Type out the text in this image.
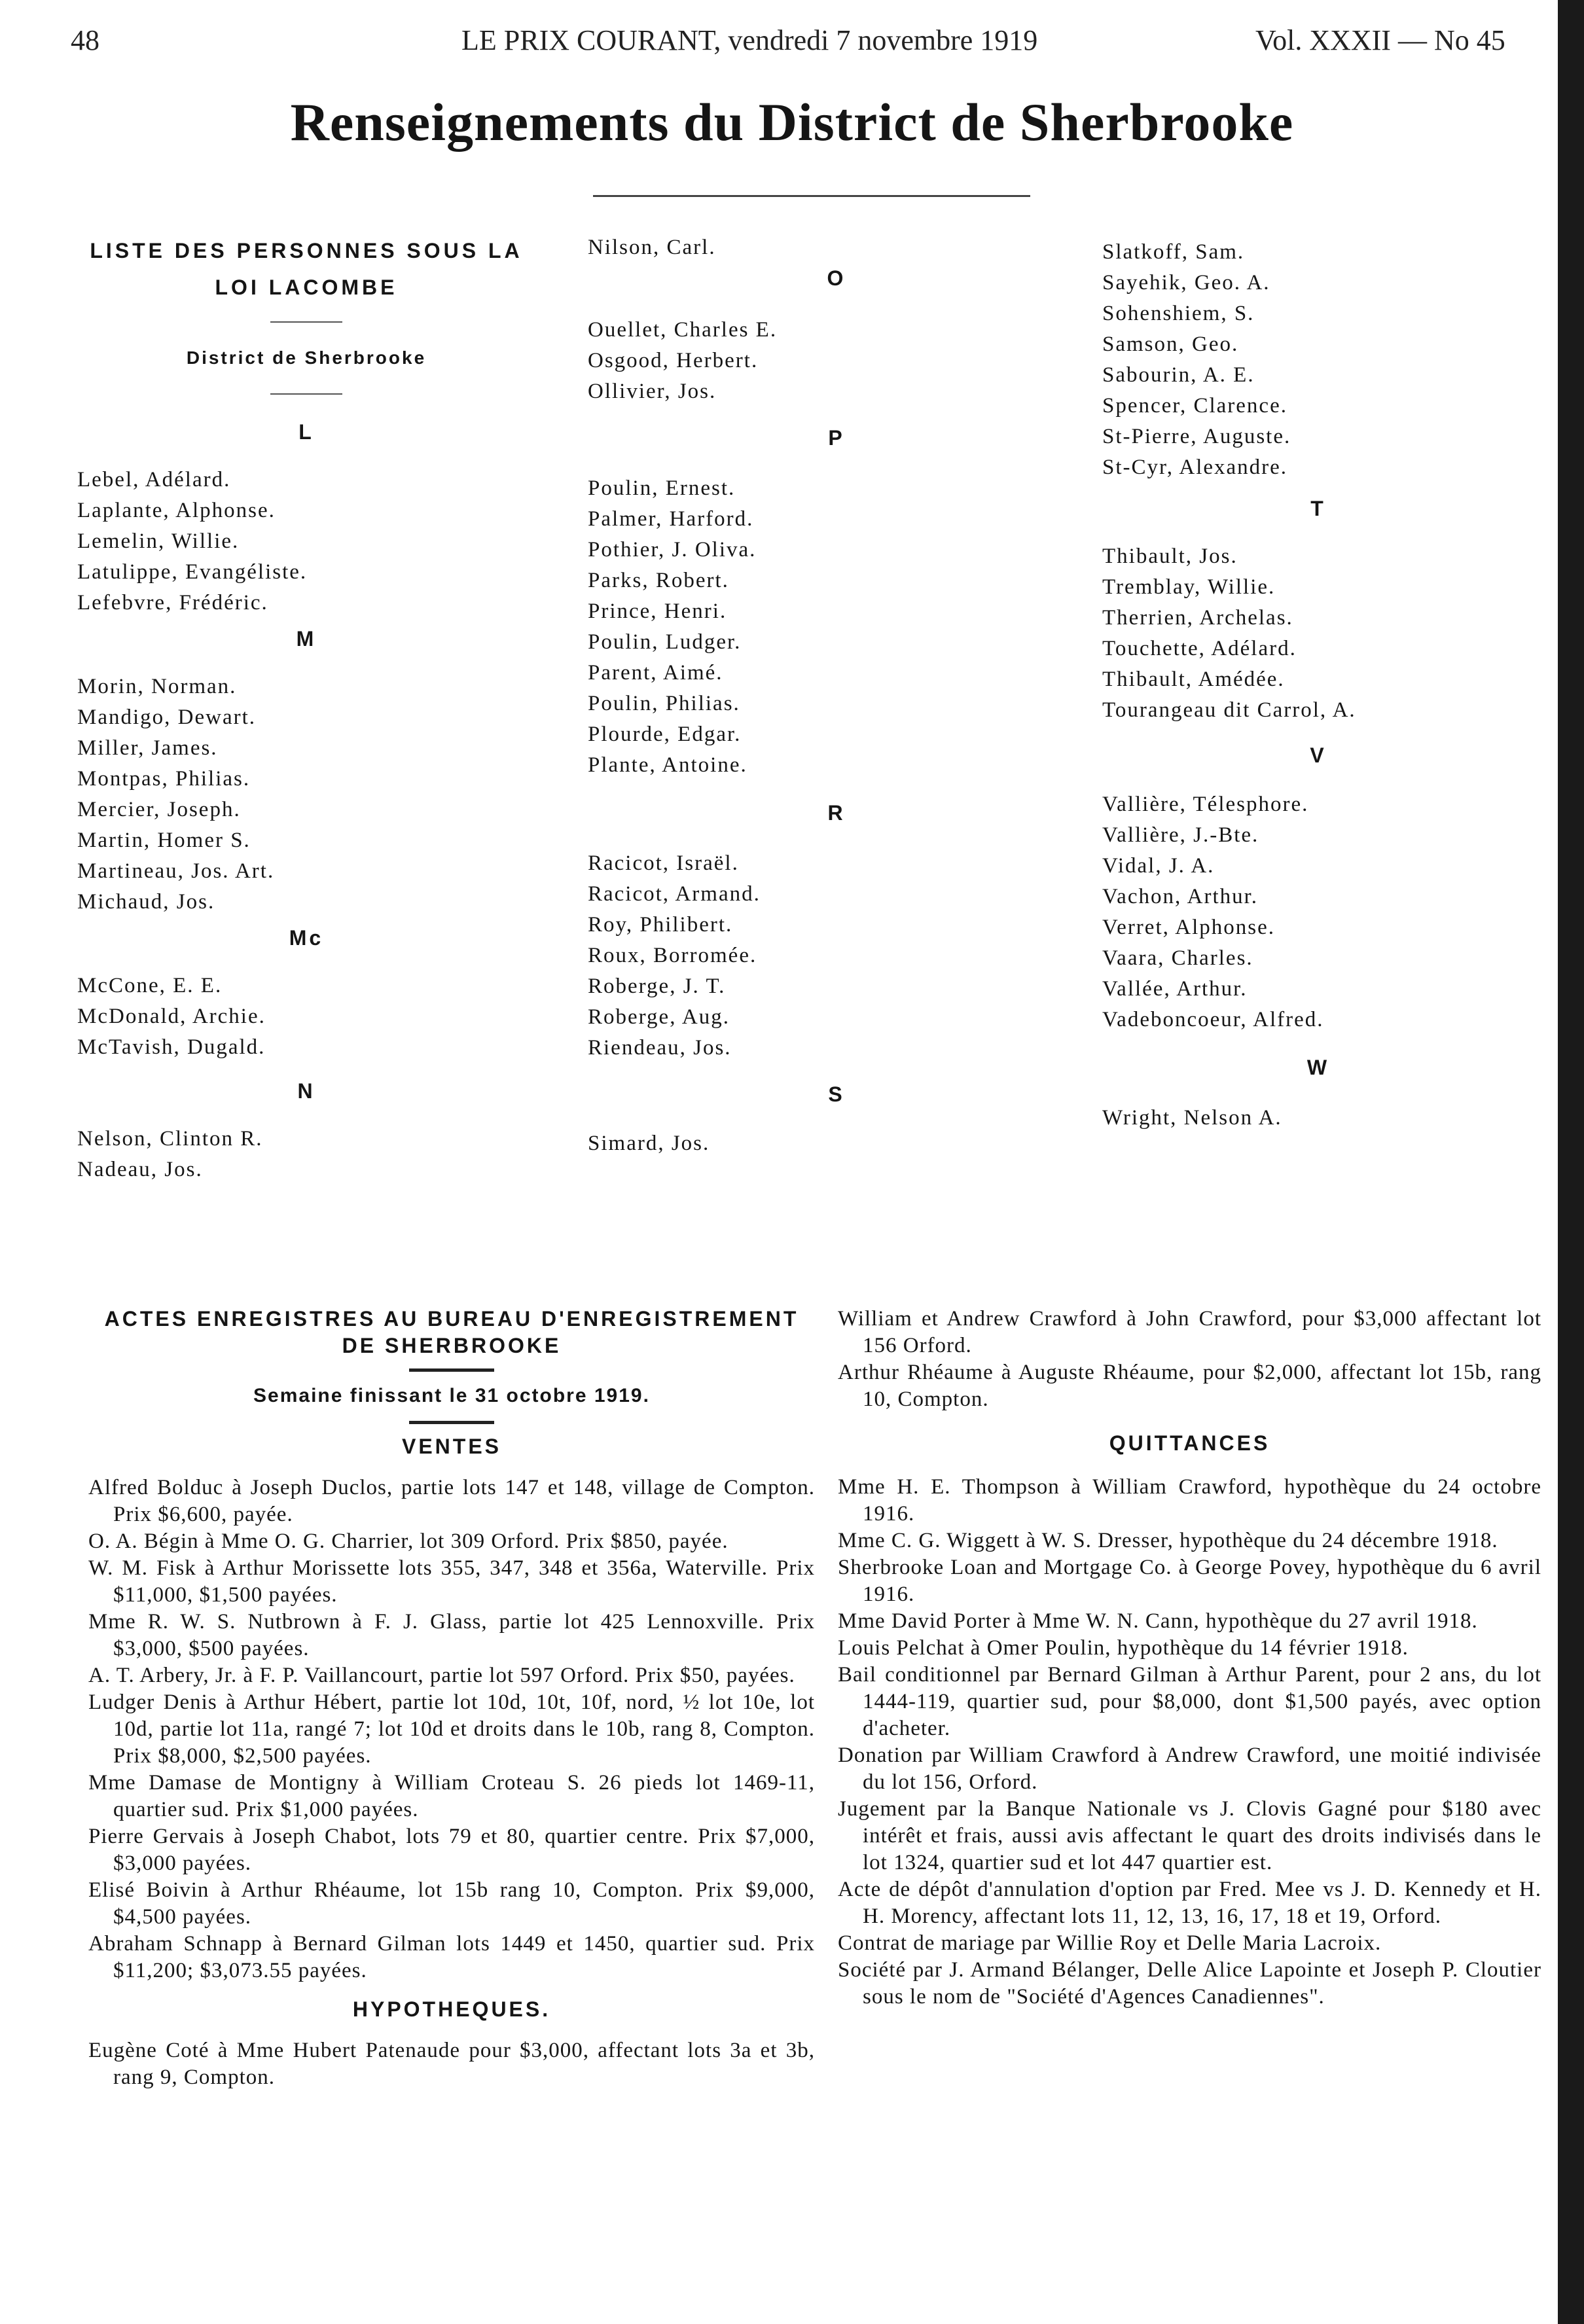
48	LE PRIX COURANT, vendredi 7 novembre 1919	Vol. XXXII — No 45
Renseignements du District de Sherbrooke
LISTE DES PERSONNES SOUS LA
LOI LACOMBE
District de Sherbrooke
L
Lebel, Adélard.
Laplante, Alphonse.
Lemelin, Willie.
Latulippe, Evangéliste.
Lefebvre, Frédéric.
M
Morin, Norman.
Mandigo, Dewart.
Miller, James.
Montpas, Philias.
Mercier, Joseph.
Martin, Homer S.
Martineau, Jos. Art.
Michaud, Jos.
Mc
McCone, E. E.
McDonald, Archie.
McTavish, Dugald.
N
Nelson, Clinton R.
Nadeau, Jos.
Nilson, Carl.
O
Ouellet, Charles E.
Osgood, Herbert.
Ollivier, Jos.
P
Poulin, Ernest.
Palmer, Harford.
Pothier, J. Oliva.
Parks, Robert.
Prince, Henri.
Poulin, Ludger.
Parent, Aimé.
Poulin, Philias.
Plourde, Edgar.
Plante, Antoine.
R
Racicot, Israël.
Racicot, Armand.
Roy, Philibert.
Roux, Borromée.
Roberge, J. T.
Roberge, Aug.
Riendeau, Jos.
S
Simard, Jos.
Slatkoff, Sam.
Sayehik, Geo. A.
Sohenshiem, S.
Samson, Geo.
Sabourin, A. E.
Spencer, Clarence.
St-Pierre, Auguste.
St-Cyr, Alexandre.
T
Thibault, Jos.
Tremblay, Willie.
Therrien, Archelas.
Touchette, Adélard.
Thibault, Amédée.
Tourangeau dit Carrol, A.
V
Vallière, Télesphore.
Vallière, J.-Bte.
Vidal, J. A.
Vachon, Arthur.
Verret, Alphonse.
Vaara, Charles.
Vallée, Arthur.
Vadeboncoeur, Alfred.
W
Wright, Nelson A.
ACTES ENREGISTRES AU BUREAU D'ENREGISTREMENT
DE SHERBROOKE
Semaine finissant le 31 octobre 1919.
VENTES
Alfred Bolduc à Joseph Duclos, partie lots 147 et 148, village de Compton. Prix $6,600, payée.
O. A. Bégin à Mme O. G. Charrier, lot 309 Orford. Prix $850, payée.
W. M. Fisk à Arthur Morissette lots 355, 347, 348 et 356a, Waterville. Prix $11,000, $1,500 payées.
Mme R. W. S. Nutbrown à F. J. Glass, partie lot 425 Lennoxville. Prix $3,000, $500 payées.
A. T. Arbery, Jr. à F. P. Vaillancourt, partie lot 597 Orford. Prix $50, payées.
Ludger Denis à Arthur Hébert, partie lot 10d, 10t, 10f, nord, ½ lot 10e, lot 10d, partie lot 11a, rangé 7; lot 10d et droits dans le 10b, rang 8, Compton. Prix $8,000, $2,500 payées.
Mme Damase de Montigny à William Croteau S. 26 pieds lot 1469-11, quartier sud. Prix $1,000 payées.
Pierre Gervais à Joseph Chabot, lots 79 et 80, quartier centre. Prix $7,000, $3,000 payées.
Elisé Boivin à Arthur Rhéaume, lot 15b rang 10, Compton. Prix $9,000, $4,500 payées.
Abraham Schnapp à Bernard Gilman lots 1449 et 1450, quartier sud. Prix $11,200; $3,073.55 payées.
HYPOTHEQUES.
Eugène Coté à Mme Hubert Patenaude pour $3,000, affectant lots 3a et 3b, rang 9, Compton.
William et Andrew Crawford à John Crawford, pour $3,000 affectant lot 156 Orford.
Arthur Rhéaume à Auguste Rhéaume, pour $2,000, affectant lot 15b, rang 10, Compton.
QUITTANCES
Mme H. E. Thompson à William Crawford, hypothèque du 24 octobre 1916.
Mme C. G. Wiggett à W. S. Dresser, hypothèque du 24 décembre 1918.
Sherbrooke Loan and Mortgage Co. à George Povey, hypothèque du 6 avril 1916.
Mme David Porter à Mme W. N. Cann, hypothèque du 27 avril 1918.
Louis Pelchat à Omer Poulin, hypothèque du 14 février 1918.
Bail conditionnel par Bernard Gilman à Arthur Parent, pour 2 ans, du lot 1444-119, quartier sud, pour $8,000, dont $1,500 payés, avec option d'acheter.
Donation par William Crawford à Andrew Crawford, une moitié indivisée du lot 156, Orford.
Jugement par la Banque Nationale vs J. Clovis Gagné pour $180 avec intérêt et frais, aussi avis affectant le quart des droits indivisés dans le lot 1324, quartier sud et lot 447 quartier est.
Acte de dépôt d'annulation d'option par Fred. Mee vs J. D. Kennedy et H. H. Morency, affectant lots 11, 12, 13, 16, 17, 18 et 19, Orford.
Contrat de mariage par Willie Roy et Delle Maria Lacroix.
Société par J. Armand Bélanger, Delle Alice Lapointe et Joseph P. Cloutier sous le nom de "Société d'Agences Canadiennes".
